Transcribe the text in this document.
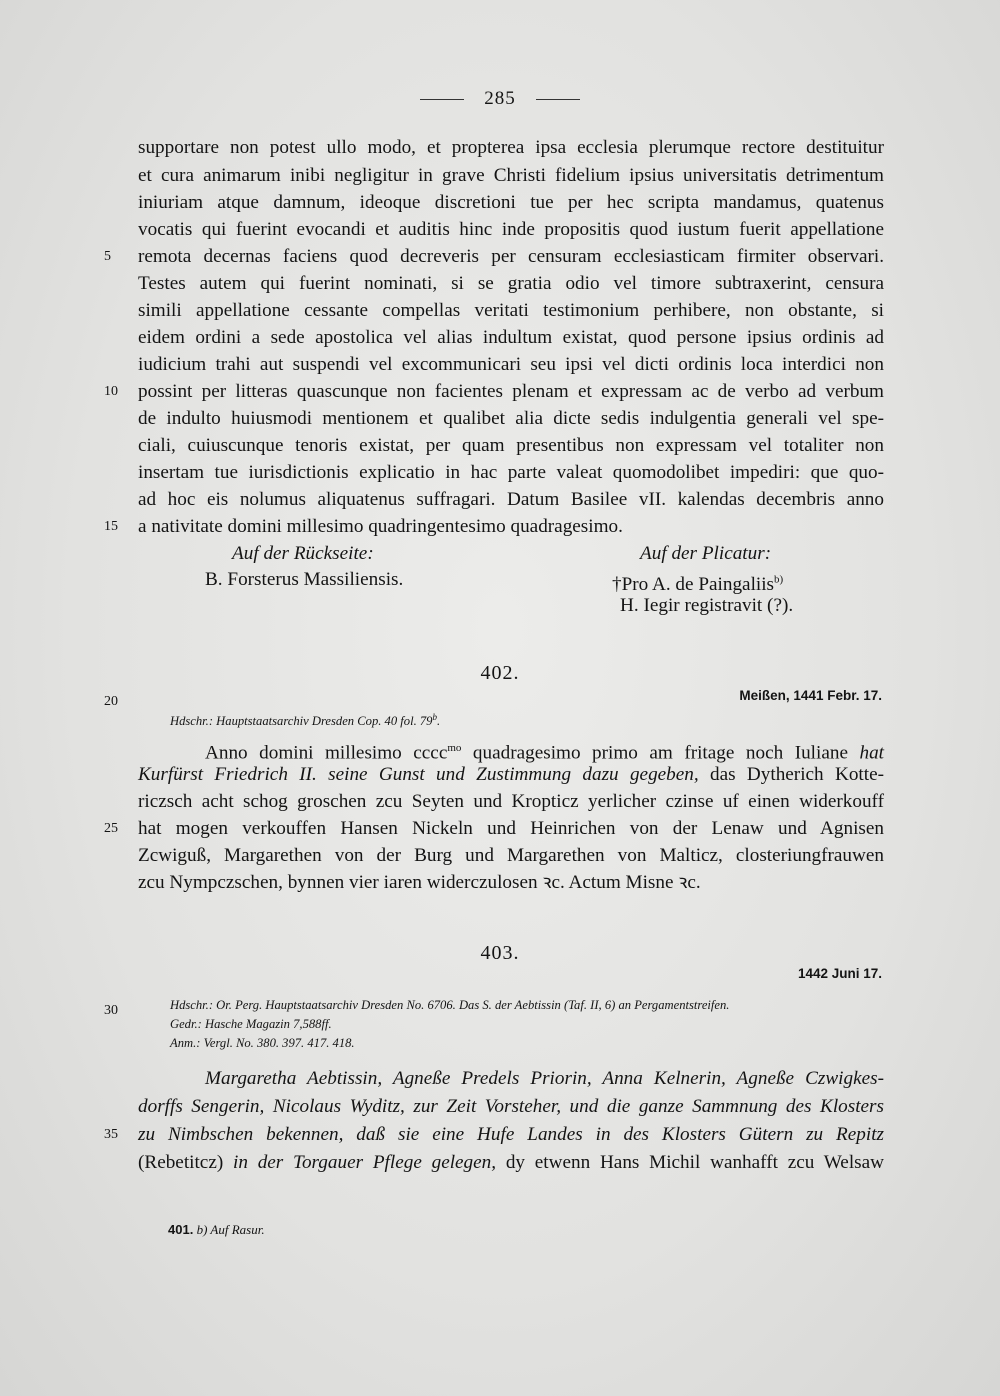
285

supportare non potest ullo modo, et propterea ipsa ecclesia plerumque rectore destituitur
et cura animarum inibi negligitur in grave Christi fidelium ipsius universitatis detrimentum
iniuriam atque damnum, ideoque discretioni tue per hec scripta mandamus, quatenus
vocatis qui fuerint evocandi et auditis hinc inde propositis quod iustum fuerit appellatione
remota decernas faciens quod decreveris per censuram ecclesiasticam firmiter observari.
Testes autem qui fuerint nominati, si se gratia odio vel timore subtraxerint, censura
simili appellatione cessante compellas veritati testimonium perhibere, non obstante, si
eidem ordini a sede apostolica vel alias indultum existat, quod persone ipsius ordinis ad
iudicium trahi aut suspendi vel excommunicari seu ipsi vel dicti ordinis loca interdici non
possint per litteras quascunque non facientes plenam et expressam ac de verbo ad verbum
de indulto huiusmodi mentionem et qualibet alia dicte sedis indulgentia generali vel spe-
ciali, cuiuscunque tenoris existat, per quam presentibus non expressam vel totaliter non
insertam tue iurisdictionis explicatio in hac parte valeat quomodolibet impediri: que quo-
ad hoc eis nolumus aliquatenus suffragari. Datum Basilee vII. kalendas decembris anno
a nativitate domini millesimo quadringentesimo quadragesimo.
5
10
15
20
25
30
35
Auf der Rückseite:
B. Forsterus Massiliensis.
Auf der Plicatur:
†Pro A. de Paingaliis$^{b)}$
H. Iegir registravit (?).
402.
Meißen, 1441 Febr. 17.
Hdschr.: Hauptstaatsarchiv Dresden Cop. 40 fol. 79$^b$.
Anno domini millesimo cccc$^{mo}$ quadragesimo primo am fritage noch Iuliane hat
Kurfürst Friedrich II. seine Gunst und Zustimmung dazu gegeben, das Dytherich Kotte-
riczsch acht schog groschen zcu Seyten und Kropticz yerlicher czinse uf einen widerkouff
hat mogen verkouffen Hansen Nickeln und Heinrichen von der Lenaw und Agnisen
Zcwiguß, Margarethen von der Burg und Margarethen von Malticz, closteriungfrauwen
zcu Nympczschen, bynnen vier iaren widerczulosen ꝛc. Actum Misne ꝛc.
403.
1442 Juni 17.
Hdschr.: Or. Perg. Hauptstaatsarchiv Dresden No. 6706. Das S. der Aebtissin (Taf. II, 6) an Pergamentstreifen.
Gedr.: Hasche Magazin 7,588ff.
Anm.: Vergl. No. 380. 397. 417. 418.
Margaretha Aebtissin, Agneße Predels Priorin, Anna Kelnerin, Agneße Czwigkes-
dorffs Sengerin, Nicolaus Wyditz, zur Zeit Vorsteher, und die ganze Sammnung des Klosters
zu Nimbschen bekennen, daß sie eine Hufe Landes in des Klosters Gütern zu Repitz
(Rebetitcz) in der Torgauer Pflege gelegen, dy etwenn Hans Michil wanhafft zcu Welsaw
401. b) Auf Rasur.
